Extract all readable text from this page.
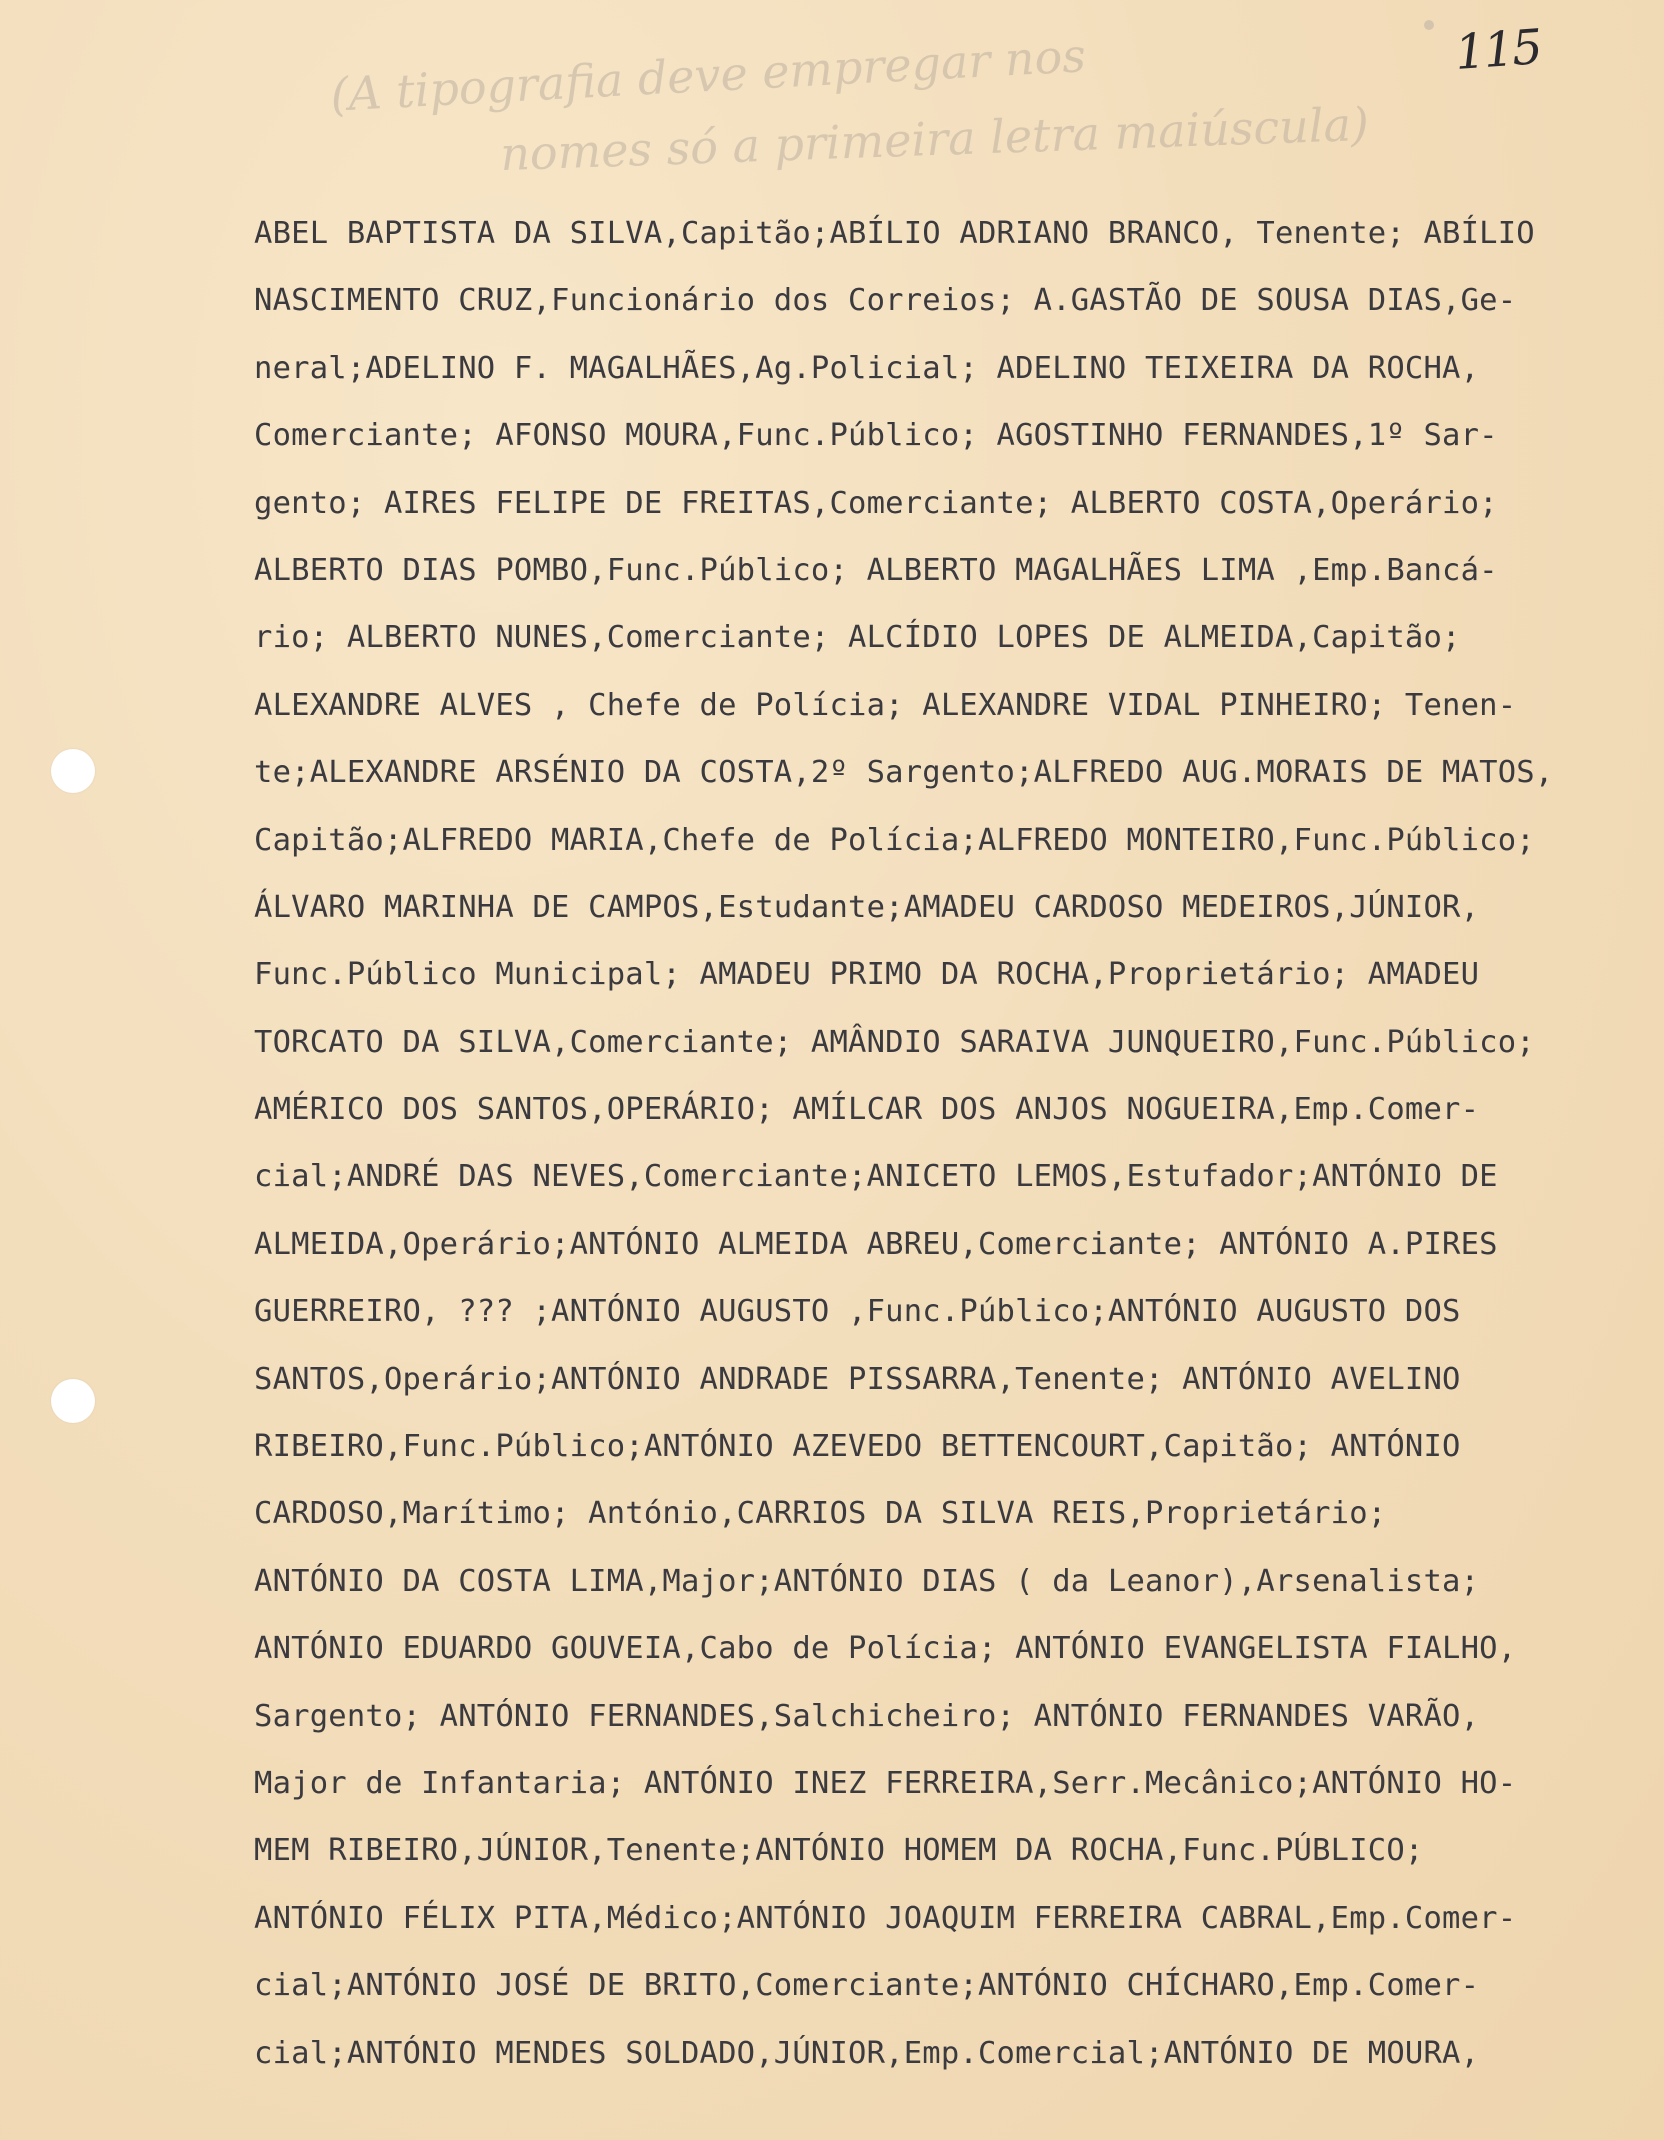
115
(A tipografia deve empregar nos
nomes só a primeira letra maiúscula)
ABEL BAPTISTA DA SILVA,Capitão;ABÍLIO ADRIANO BRANCO, Tenente; ABÍLIO
NASCIMENTO CRUZ,Funcionário dos Correios; A.GASTÃO DE SOUSA DIAS,Ge-
neral;ADELINO F. MAGALHÃES,Ag.Policial; ADELINO TEIXEIRA DA ROCHA,
Comerciante; AFONSO MOURA,Func.Público; AGOSTINHO FERNANDES,1º Sar-
gento; AIRES FELIPE DE FREITAS,Comerciante; ALBERTO COSTA,Operário;
ALBERTO DIAS POMBO,Func.Público; ALBERTO MAGALHÃES LIMA ,Emp.Bancá-
rio; ALBERTO NUNES,Comerciante; ALCÍDIO LOPES DE ALMEIDA,Capitão;
ALEXANDRE ALVES , Chefe de Polícia; ALEXANDRE VIDAL PINHEIRO; Tenen-
te;ALEXANDRE ARSÉNIO DA COSTA,2º Sargento;ALFREDO AUG.MORAIS DE MATOS,
Capitão;ALFREDO MARIA,Chefe de Polícia;ALFREDO MONTEIRO,Func.Público;
ÁLVARO MARINHA DE CAMPOS,Estudante;AMADEU CARDOSO MEDEIROS,JÚNIOR,
Func.Público Municipal; AMADEU PRIMO DA ROCHA,Proprietário; AMADEU
TORCATO DA SILVA,Comerciante; AMÂNDIO SARAIVA JUNQUEIRO,Func.Público;
AMÉRICO DOS SANTOS,OPERÁRIO; AMÍLCAR DOS ANJOS NOGUEIRA,Emp.Comer-
cial;ANDRÉ DAS NEVES,Comerciante;ANICETO LEMOS,Estufador;ANTÓNIO DE
ALMEIDA,Operário;ANTÓNIO ALMEIDA ABREU,Comerciante; ANTÓNIO A.PIRES
GUERREIRO, ??? ;ANTÓNIO AUGUSTO ,Func.Público;ANTÓNIO AUGUSTO DOS
SANTOS,Operário;ANTÓNIO ANDRADE PISSARRA,Tenente; ANTÓNIO AVELINO
RIBEIRO,Func.Público;ANTÓNIO AZEVEDO BETTENCOURT,Capitão; ANTÓNIO
CARDOSO,Marítimo; António,CARRIOS DA SILVA REIS,Proprietário;
ANTÓNIO DA COSTA LIMA,Major;ANTÓNIO DIAS ( da Leanor),Arsenalista;
ANTÓNIO EDUARDO GOUVEIA,Cabo de Polícia; ANTÓNIO EVANGELISTA FIALHO,
Sargento; ANTÓNIO FERNANDES,Salchicheiro; ANTÓNIO FERNANDES VARÃO,
Major de Infantaria; ANTÓNIO INEZ FERREIRA,Serr.Mecânico;ANTÓNIO HO-
MEM RIBEIRO,JÚNIOR,Tenente;ANTÓNIO HOMEM DA ROCHA,Func.PÚBLICO;
ANTÓNIO FÉLIX PITA,Médico;ANTÓNIO JOAQUIM FERREIRA CABRAL,Emp.Comer-
cial;ANTÓNIO JOSÉ DE BRITO,Comerciante;ANTÓNIO CHÍCHARO,Emp.Comer-
cial;ANTÓNIO MENDES SOLDADO,JÚNIOR,Emp.Comercial;ANTÓNIO DE MOURA,
